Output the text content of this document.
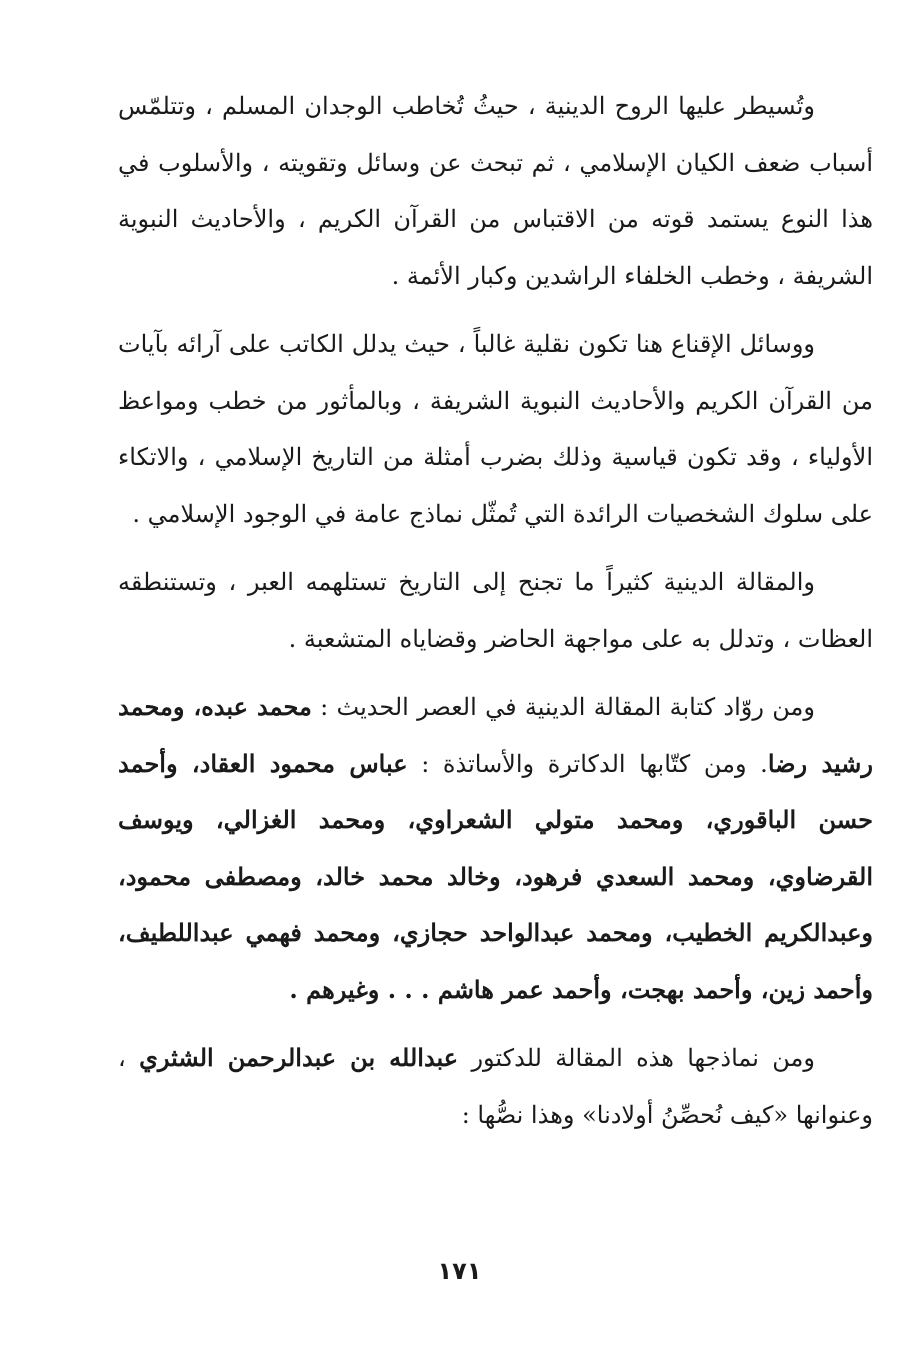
وتُسيطر عليها الروح الدينية ، حيثُ تُخاطب الوجدان المسلم ، وتتلمّس أسباب ضعف الكيان الإسلامي ، ثم تبحث عن وسائل وتقويته ، والأسلوب في هذا النوع يستمد قوته من الاقتباس من القرآن الكريم ، والأحاديث النبوية الشريفة ، وخطب الخلفاء الراشدين وكبار الأئمة .

ووسائل الإقناع هنا تكون نقلية غالباً ، حيث يدلل الكاتب على آرائه بآيات من القرآن الكريم والأحاديث النبوية الشريفة ، وبالمأثور من خطب ومواعظ الأولياء ، وقد تكون قياسية وذلك بضرب أمثلة من التاريخ الإسلامي ، والاتكاء على سلوك الشخصيات الرائدة التي تُمثّل نماذج عامة في الوجود الإسلامي .

والمقالة الدينية كثيراً ما تجنح إلى التاريخ تستلهمه العبر ، وتستنطقه العظات ، وتدلل به على مواجهة الحاضر وقضاياه المتشعبة .

ومن روّاد كتابة المقالة الدينية في العصر الحديث : محمد عبده، ومحمد رشيد رضا. ومن كتّابها الدكاترة والأساتذة : عباس محمود العقاد، وأحمد حسن الباقوري، ومحمد متولي الشعراوي، ومحمد الغزالي، ويوسف القرضاوي، ومحمد السعدي فرهود، وخالد محمد خالد، ومصطفى محمود، وعبدالكريم الخطيب، ومحمد عبدالواحد حجازي، ومحمد فهمي عبداللطيف، وأحمد زين، وأحمد بهجت، وأحمد عمر هاشم . . . وغيرهم .

ومن نماذجها هذه المقالة للدكتور عبدالله بن عبدالرحمن الشثري ، وعنوانها «كيف نُحصِّنُ أولادنا» وهذا نصُّها :

١٧١
